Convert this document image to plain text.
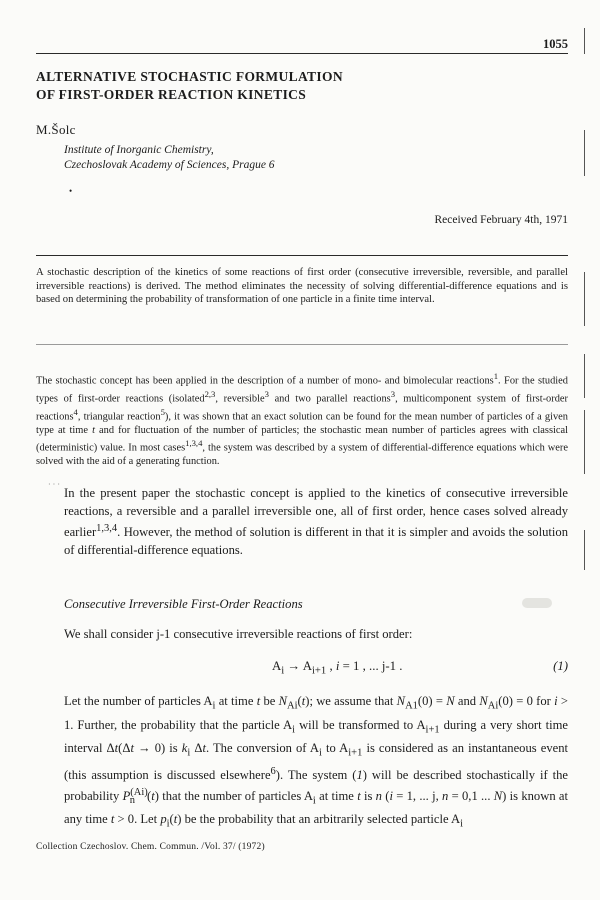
1055
ALTERNATIVE STOCHASTIC FORMULATION
OF FIRST-ORDER REACTION KINETICS
M.Šolc
Institute of Inorganic Chemistry,
Czechoslovak Academy of Sciences, Prague 6
•
Received February 4th, 1971
A stochastic description of the kinetics of some reactions of first order (consecutive irreversible, reversible, and parallel irreversible reactions) is derived. The method eliminates the necessity of solving differential-difference equations and is based on determining the probability of transformation of one particle in a finite time interval.
The stochastic concept has been applied in the description of a number of mono- and bimolecular reactions$^1$. For the studied types of first-order reactions (isolated$^{2,3}$, reversible$^3$ and two parallel reactions$^3$, multicomponent system of first-order reactions$^4$, triangular reaction$^5$), it was shown that an exact solution can be found for the mean number of particles of a given type at time t and for fluctuation of the number of particles; the stochastic mean number of particles agrees with classical (deterministic) value. In most cases$^{1,3,4}$, the system was described by a system of differential-difference equations which were solved with the aid of a generating function.
· · ·
In the present paper the stochastic concept is applied to the kinetics of consecutive irreversible reactions, a reversible and a parallel irreversible one, all of first order, hence cases solved already earlier$^{1,3,4}$. However, the method of solution is different in that it is simpler and avoids the solution of differential-difference equations.
Consecutive Irreversible First-Order Reactions
We shall consider j-1 consecutive irreversible reactions of first order:
$A_i \to A_{i+1}$ , i = 1 , ... j-1 .	(1)
Let the number of particles $A_i$ at time t be $N_{Ai}(t)$; we assume that $N_{A1}(0) = N$ and $N_{Ai}(0) = 0$ for i > 1. Further, the probability that the particle $A_i$ will be transformed to $A_{i+1}$ during a very short time interval Δt(Δt → 0) is $k_i$ Δt. The conversion of $A_i$ to $A_{i+1}$ is considered as an instantaneous event (this assumption is discussed elsewhere$^6$). The system (1) will be described stochastically if the probability $P^{(Ai)}_n$ (t) that the number of particles $A_i$ at time t is n (i = 1, ... j, n = 0,1 ... N) is known at any time t > 0. Let $p_i(t)$ be the probability that an arbitrarily selected particle $A_i$
Collection Czechoslov. Chem. Commun. /Vol. 37/ (1972)
